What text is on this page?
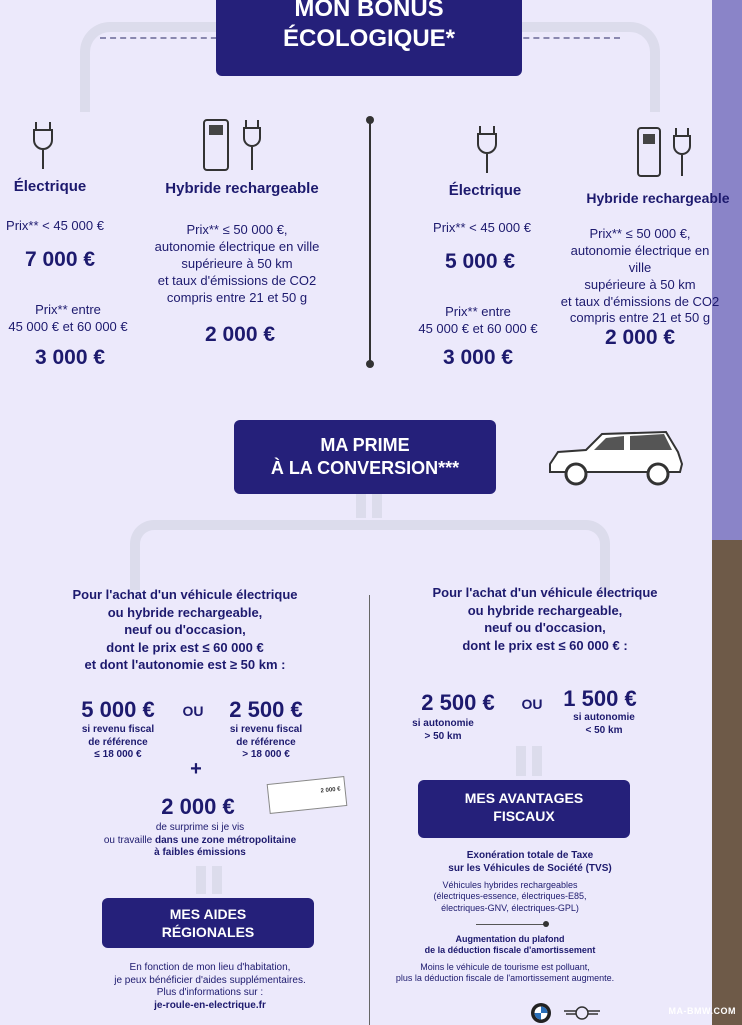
MON BONUS
ÉCOLOGIQUE*
Électrique
Prix** < 45 000 €
7 000 €
Prix** entre
45 000 € et 60 000 €
3 000 €
Hybride rechargeable
Prix** ≤ 50 000 €,
autonomie électrique en ville
supérieure à 50 km
et taux d'émissions de CO2
compris entre 21 et 50 g
2 000 €
Électrique
Prix** < 45 000 €
5 000 €
Prix** entre
45 000 € et 60 000 €
3 000 €
Hybride rechargeable
Prix** ≤ 50 000 €,
autonomie électrique en ville
supérieure à 50 km
et taux d'émissions de CO2
compris entre 21 et 50 g
2 000 €
MA PRIME
À LA CONVERSION***
Pour l'achat d'un véhicule électrique
ou hybride rechargeable,
neuf ou d'occasion,
dont le prix est ≤ 60 000 €
et dont l'autonomie est ≥ 50 km :
5 000 €
si revenu fiscal
de référence
≤ 18 000 €
OU	2 500 €
si revenu fiscal
de référence
> 18 000 €
+
2 000 €
2 000 €
de surprime si je vis
ou travaille dans une zone métropolitaine
à faibles émissions
MES AIDES
RÉGIONALES
En fonction de mon lieu d'habitation,
je peux bénéficier d'aides supplémentaires.
Plus d'informations sur :
je-roule-en-electrique.fr
Pour l'achat d'un véhicule électrique
ou hybride rechargeable,
neuf ou d'occasion,
dont le prix est ≤ 60 000 € :
2 500 €
si autonomie
> 50 km
OU 1 500 €
si autonomie
< 50 km
MES AVANTAGES
FISCAUX
Exonération totale de Taxe
sur les Véhicules de Société (TVS)
Véhicules hybrides rechargeables
(électriques-essence, électriques-E85,
électriques-GNV, électriques-GPL)
Augmentation du plafond
de la déduction fiscale d'amortissement
Moins le véhicule de tourisme est polluant,
plus la déduction fiscale de l'amortissement augmente.
MA-BMW.COM
